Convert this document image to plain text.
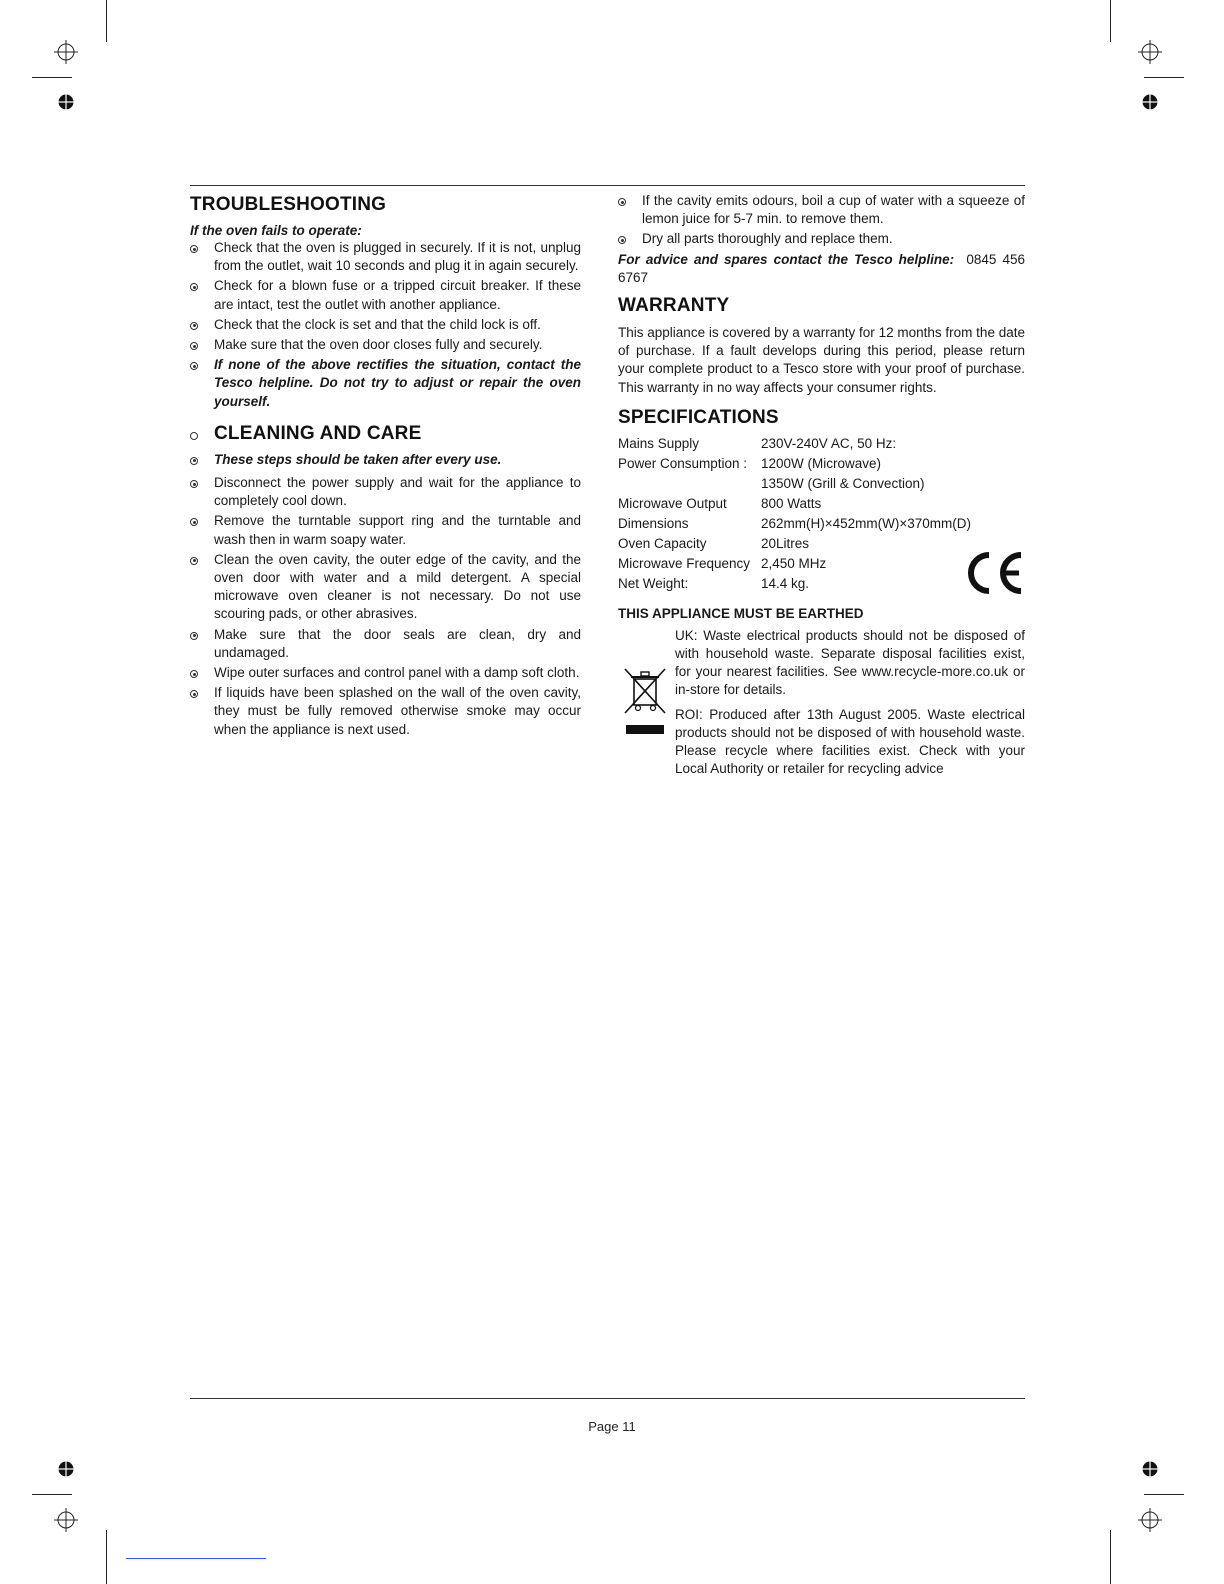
TROUBLESHOOTING

If the oven fails to operate:

Check that the oven is plugged in securely. If it is not, unplug from the outlet, wait 10 seconds and plug it in again securely.
Check for a blown fuse or a tripped circuit breaker. If these are intact, test the outlet with another appliance.
Check that the clock is set and that the child lock is off.
Make sure that the oven door closes fully and securely.
If none of the above rectifies the situation, contact the Tesco helpline. Do not try to adjust or repair the oven yourself.
CLEANING AND CARE
These steps should be taken after every use.
Disconnect the power supply and wait for the appliance to completely cool down.
Remove the turntable support ring and the turntable and wash then in warm soapy water.
Clean the oven cavity, the outer edge of the cavity, and the oven door with water and a mild detergent. A special microwave oven cleaner is not necessary. Do not use scouring pads, or other abrasives.
Make sure that the door seals are clean, dry and undamaged.
Wipe outer surfaces and control panel with a damp soft cloth.
If liquids have been splashed on the wall of the oven cavity, they must be fully removed otherwise smoke may occur when the appliance is next used.
If the cavity emits odours, boil a cup of water with a squeeze of lemon juice for 5-7 min. to remove them.
Dry all parts thoroughly and replace them.

For advice and spares contact the Tesco helpline: 0845 456 6767

WARRANTY

This appliance is covered by a warranty for 12 months from the date of purchase. If a fault develops during this period, please return your complete product to a Tesco store with your proof of purchase. This warranty in no way affects your consumer rights.

SPECIFICATIONS
Mains Supply	230V-240V AC, 50 Hz:
Power Consumption :	1200W (Microwave)
	1350W (Grill & Convection)
Microwave Output	800 Watts
Dimensions	262mm(H)×452mm(W)×370mm(D)
Oven Capacity	20Litres
Microwave Frequency	2,450 MHz
Net Weight:	14.4 kg.

THIS APPLIANCE MUST BE EARTHED

UK: Waste electrical products should not be disposed of with household waste. Separate disposal facilities exist, for your nearest facilities. See www.recycle-more.co.uk or in-store for details.

ROI: Produced after 13th August 2005. Waste electrical products should not be disposed of with household waste. Please recycle where facilities exist. Check with your Local Authority or retailer for recycling advice

Page 11
